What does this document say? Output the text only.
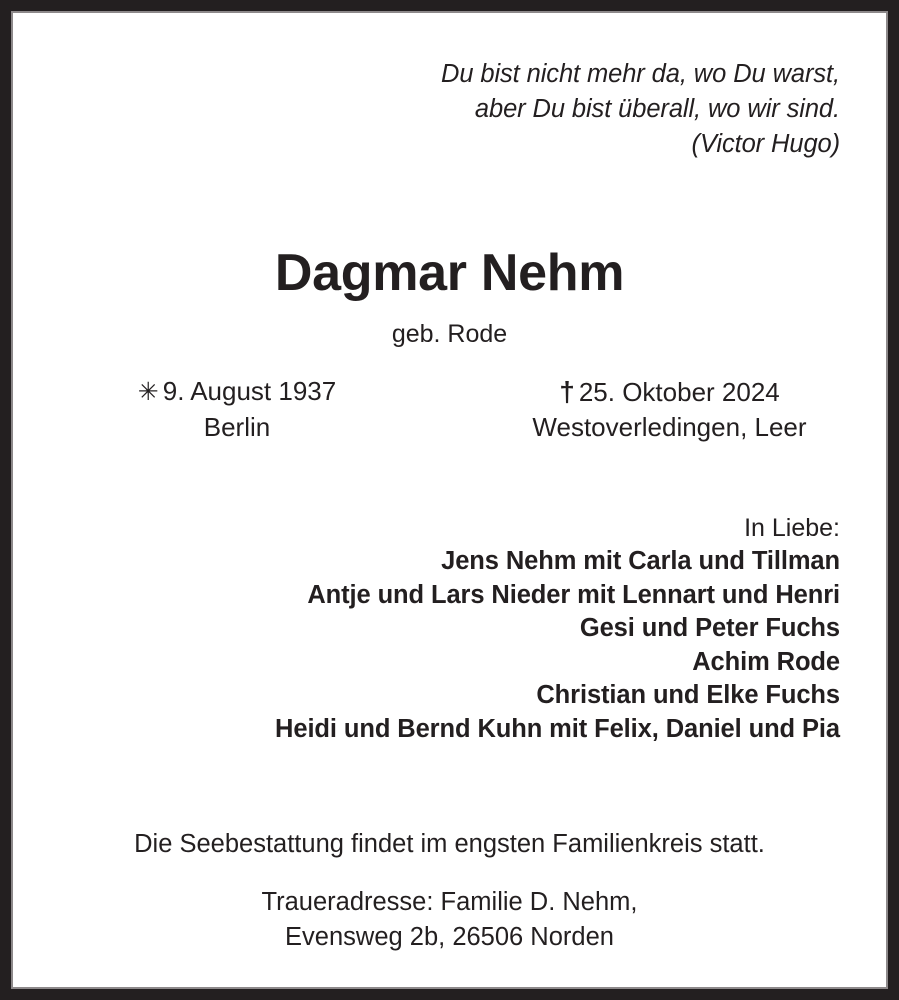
Du bist nicht mehr da, wo Du warst,
aber Du bist überall, wo wir sind.
(Victor Hugo)
Dagmar Nehm
geb. Rode
✳ 9. August 1937
Berlin
† 25. Oktober 2024
Westoverledingen, Leer
In Liebe:
Jens Nehm mit Carla und Tillman
Antje und Lars Nieder mit Lennart und Henri
Gesi und Peter Fuchs
Achim Rode
Christian und Elke Fuchs
Heidi und Bernd Kuhn mit Felix, Daniel und Pia
Die Seebestattung findet im engsten Familienkreis statt.
Traueradresse: Familie D. Nehm,
Evensweg 2b, 26506 Norden
